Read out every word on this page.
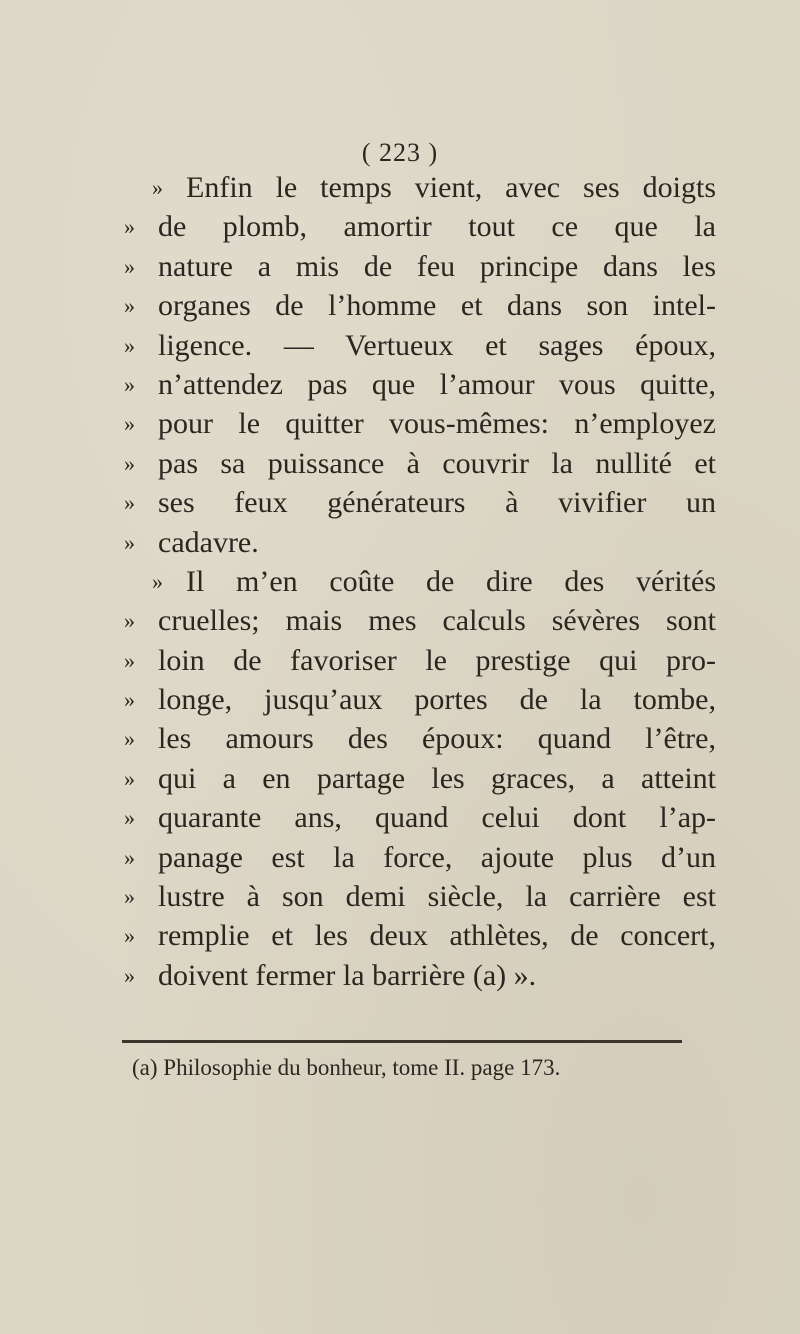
( 223 )
» Enfin le temps vient, avec ses doigts
» de plomb, amortir tout ce que la
» nature a mis de feu principe dans les
» organes de l’homme et dans son intel-
» ligence. — Vertueux et sages époux,
» n’attendez pas que l’amour vous quitte,
» pour le quitter vous-mêmes: n’employez
» pas sa puissance à couvrir la nullité et
» ses feux générateurs à vivifier un
» cadavre.
» Il m’en coûte de dire des vérités
» cruelles; mais mes calculs sévères sont
» loin de favoriser le prestige qui pro-
» longe, jusqu’aux portes de la tombe,
» les amours des époux: quand l’être,
» qui a en partage les graces, a atteint
» quarante ans, quand celui dont l’ap-
» panage est la force, ajoute plus d’un
» lustre à son demi siècle, la carrière est
» remplie et les deux athlètes, de concert,
» doivent fermer la barrière (a) ».
(a) Philosophie du bonheur, tome II. page 173.
